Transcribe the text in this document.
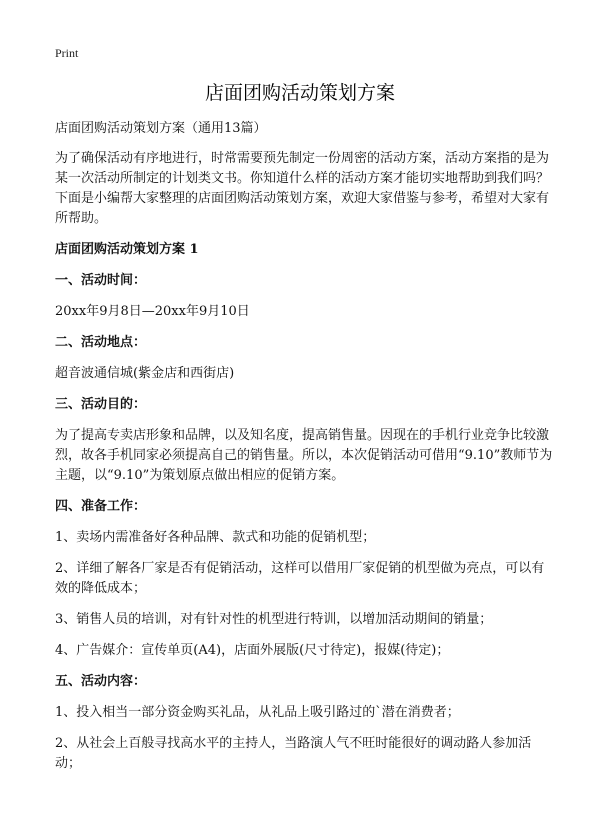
Print
店面团购活动策划方案

店面团购活动策划方案（通用13篇）

为了确保活动有序地进行，时常需要预先制定一份周密的活动方案，活动方案指的是为某一次活动所制定的计划类文书。你知道什么样的活动方案才能切实地帮助到我们吗？下面是小编帮大家整理的店面团购活动策划方案，欢迎大家借鉴与参考，希望对大家有所帮助。

店面团购活动策划方案 1

一、活动时间：

20xx年9月8日—20xx年9月10日

二、活动地点：

超音波通信城(紫金店和西街店)

三、活动目的：

为了提高专卖店形象和品牌，以及知名度，提高销售量。因现在的手机行业竞争比较激烈，故各手机同家必须提高自己的销售量。所以，本次促销活动可借用“9.10”教师节为主题，以“9.10”为策划原点做出相应的促销方案。

四、准备工作：

1、卖场内需准备好各种品牌、款式和功能的促销机型；

2、详细了解各厂家是否有促销活动，这样可以借用厂家促销的机型做为亮点，可以有效的降低成本；

3、销售人员的培训，对有针对性的机型进行特训，以增加活动期间的销量；

4、广告媒介：宣传单页(A4)，店面外展版(尺寸待定)，报媒(待定)；

五、活动内容：

1、投入相当一部分资金购买礼品，从礼品上吸引路过的`潜在消费者；

2、从社会上百般寻找高水平的主持人，当路演人气不旺时能很好的调动路人参加活动；
